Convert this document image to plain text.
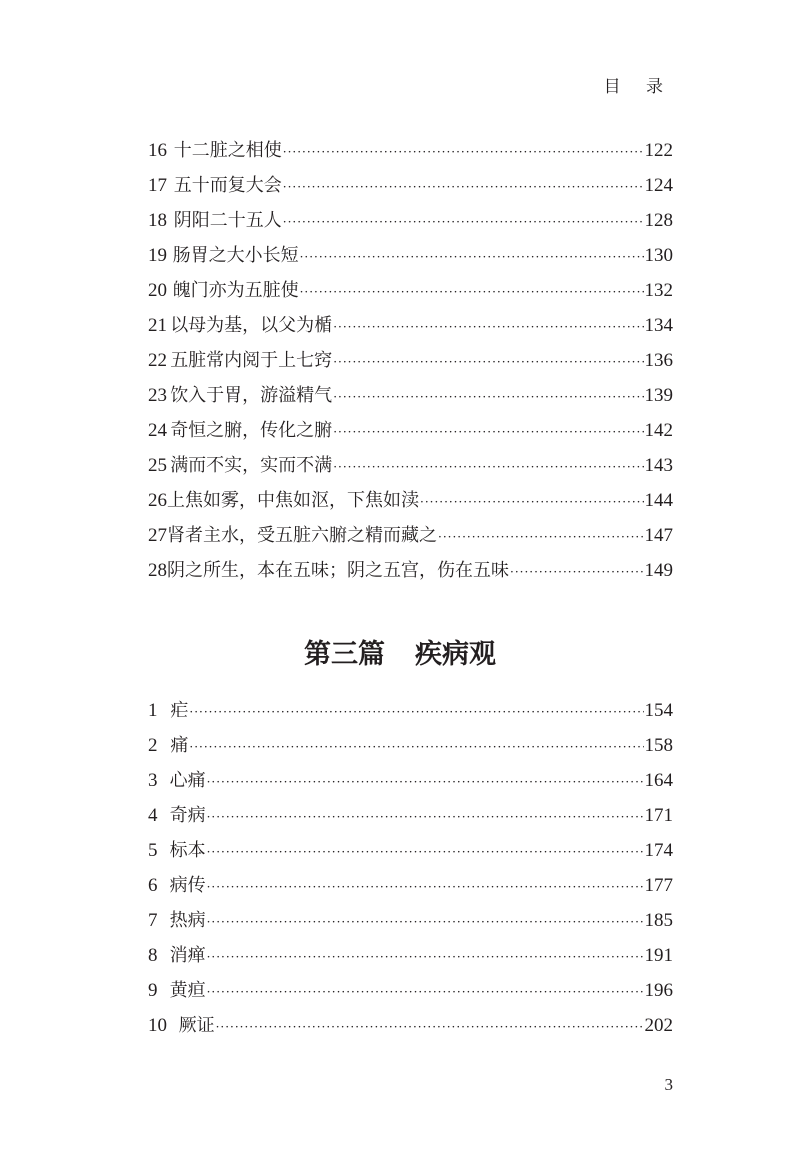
目 录
16 十二脏之相使 ·····	122
17 五十而复大会 ·····	124
18 阴阳二十五人 ·····	128
19 肠胃之大小长短 ·····	130
20 魄门亦为五脏使 ·····	132
21 以母为基，以父为楯 ·····	134
22 五脏常内阅于上七窍 ·····	136
23 饮入于胃，游溢精气 ·····	139
24 奇恒之腑，传化之腑 ·····	142
25 满而不实，实而不满 ·····	143
26 上焦如雾，中焦如沤，下焦如渎 ·····	144
27 肾者主水，受五脏六腑之精而藏之 ·····	147
28 阴之所生，本在五味；阴之五宫，伤在五味 ·····	149
第三篇 疾病观
1 疟 ·····	154
2 痛 ·····	158
3 心痛 ·····	164
4 奇病 ·····	171
5 标本 ·····	174
6 病传 ·····	177
7 热病 ·····	185
8 消瘅 ·····	191
9 黄疸 ·····	196
10 厥证 ·····	202
3
